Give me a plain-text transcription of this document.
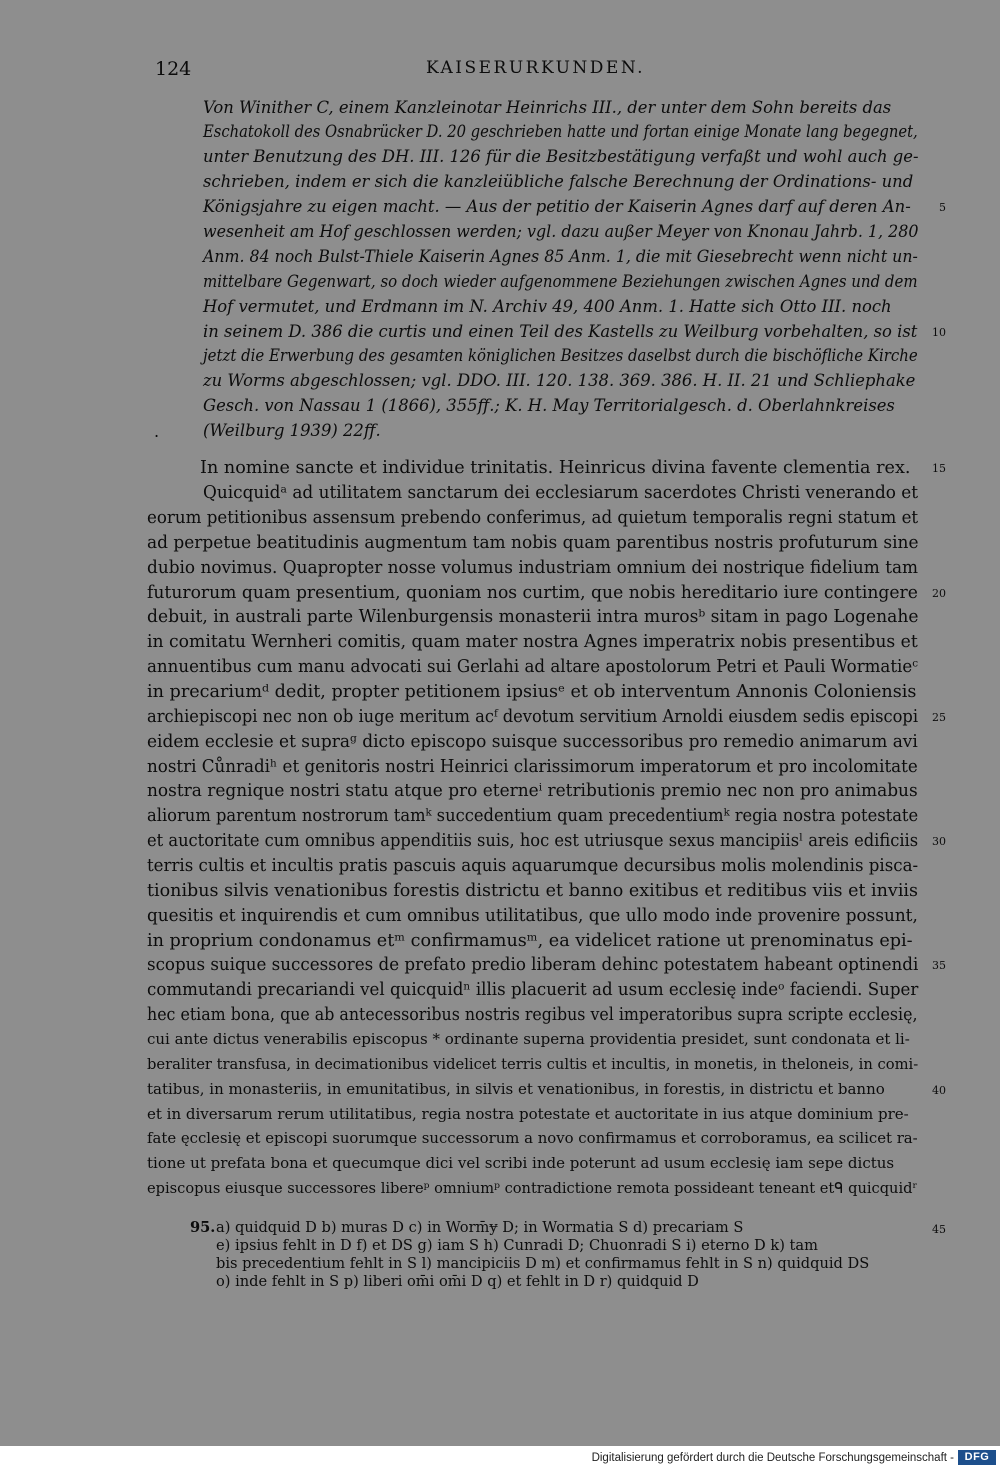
124	KAISERURKUNDEN.
Von Winither C, einem Kanzleinotar Heinrichs III., der unter dem Sohn bereits das
Eschatokoll des Osnabrücker D. 20 geschrieben hatte und fortan einige Monate lang begegnet,
unter Benutzung des DH. III. 126 für die Besitzbestätigung verfaßt und wohl auch ge-
schrieben, indem er sich die kanzleiübliche falsche Berechnung der Ordinations- und
Königsjahre zu eigen macht. — Aus der petitio der Kaiserin Agnes darf auf deren An-	5
wesenheit am Hof geschlossen werden; vgl. dazu außer Meyer von Knonau Jahrb. 1, 280
Anm. 84 noch Bulst-Thiele Kaiserin Agnes 85 Anm. 1, die mit Giesebrecht wenn nicht un-
mittelbare Gegenwart, so doch wieder aufgenommene Beziehungen zwischen Agnes und dem
Hof vermutet, und Erdmann im N. Archiv 49, 400 Anm. 1. Hatte sich Otto III. noch
in seinem D. 386 die curtis und einen Teil des Kastells zu Weilburg vorbehalten, so ist	10
jetzt die Erwerbung des gesamten königlichen Besitzes daselbst durch die bischöfliche Kirche
zu Worms abgeschlossen; vgl. DDO. III. 120. 138. 369. 386. H. II. 21 und Schliephake
Gesch. von Nassau 1 (1866), 355ff.; K. H. May Territorialgesch. d. Oberlahnkreises
(Weilburg 1939) 22ff.
.
In nomine sancte et individue trinitatis. Heinricus divina favente clementia rex.	15
Quicquidᵃ ad utilitatem sanctarum dei ecclesiarum sacerdotes Christi venerando et
eorum petitionibus assensum prebendo conferimus, ad quietum temporalis regni statum et
ad perpetue beatitudinis augmentum tam nobis quam parentibus nostris profuturum sine
dubio novimus. Quapropter nosse volumus industriam omnium dei nostrique fidelium tam
futurorum quam presentium, quoniam nos curtim, que nobis hereditario iure contingere	20
debuit, in australi parte Wilenburgensis monasterii intra murosᵇ sitam in pago Logenahe
in comitatu Wernheri comitis, quam mater nostra Agnes imperatrix nobis presentibus et
annuentibus cum manu advocati sui Gerlahi ad altare apostolorum Petri et Pauli Wormatieᶜ
in precariumᵈ dedit, propter petitionem ipsiusᵉ et ob interventum Annonis Coloniensis
archiepiscopi nec non ob iuge meritum acᶠ devotum servitium Arnoldi eiusdem sedis episcopi	25
eidem ecclesie et supraᵍ dicto episcopo suisque successoribus pro remedio animarum avi
nostri Cůnradiʰ et genitoris nostri Heinrici clarissimorum imperatorum et pro incolomitate
nostra regnique nostri statu atque pro eterneⁱ retributionis premio nec non pro animabus
aliorum parentum nostrorum tamᵏ succedentium quam precedentiumᵏ regia nostra potestate
et auctoritate cum omnibus appenditiis suis, hoc est utriusque sexus mancipiisˡ areis edificiis	30
terris cultis et incultis pratis pascuis aquis aquarumque decursibus molis molendinis pisca-
tionibus silvis venationibus forestis districtu et banno exitibus et reditibus viis et inviis
quesitis et inquirendis et cum omnibus utilitatibus, que ullo modo inde provenire possunt,
in proprium condonamus etᵐ confirmamusᵐ, ea videlicet ratione ut prenominatus epi-
scopus suique successores de prefato predio liberam dehinc potestatem habeant optinendi	35
commutandi precariandi vel quicquidⁿ illis placuerit ad usum ecclesię indeᵒ faciendi. Super
hec etiam bona, que ab antecessoribus nostris regibus vel imperatoribus supra scripte ecclesię,
cui ante dictus venerabilis episcopus * ordinante superna providentia presidet, sunt condonata et li-
beraliter transfusa, in decimationibus videlicet terris cultis et incultis, in monetis, in theloneis, in comi-
tatibus, in monasteriis, in emunitatibus, in silvis et venationibus, in forestis, in districtu et banno	40
et in diversarum rerum utilitatibus, regia nostra potestate et auctoritate in ius atque dominium pre-
fate ęcclesię et episcopi suorumque successorum a novo confirmamus et corroboramus, ea scilicet ra-
tione ut prefata bona et quecumque dici vel scribi inde poterunt ad usum ecclesię iam sepe dictus
episcopus eiusque successores libereᵖ omniumᵖ contradictione remota possideant teneant etᑫ quicquidʳ
95. a) quidquid D b) muras D c) in Worm̄ɏ D; in Wormatia S d) precariam S	45
e) ipsius fehlt in D f) et DS g) iam S h) Cunradi D; Chuonradi S i) eterno D k) tam
bis precedentium fehlt in S l) mancipiciis D m) et confirmamus fehlt in S n) quidquid DS
o) inde fehlt in S p) liberi om̄i om̄i D q) et fehlt in D r) quidquid D
Digitalisierung gefördert durch die Deutsche Forschungsgemeinschaft - DFG
